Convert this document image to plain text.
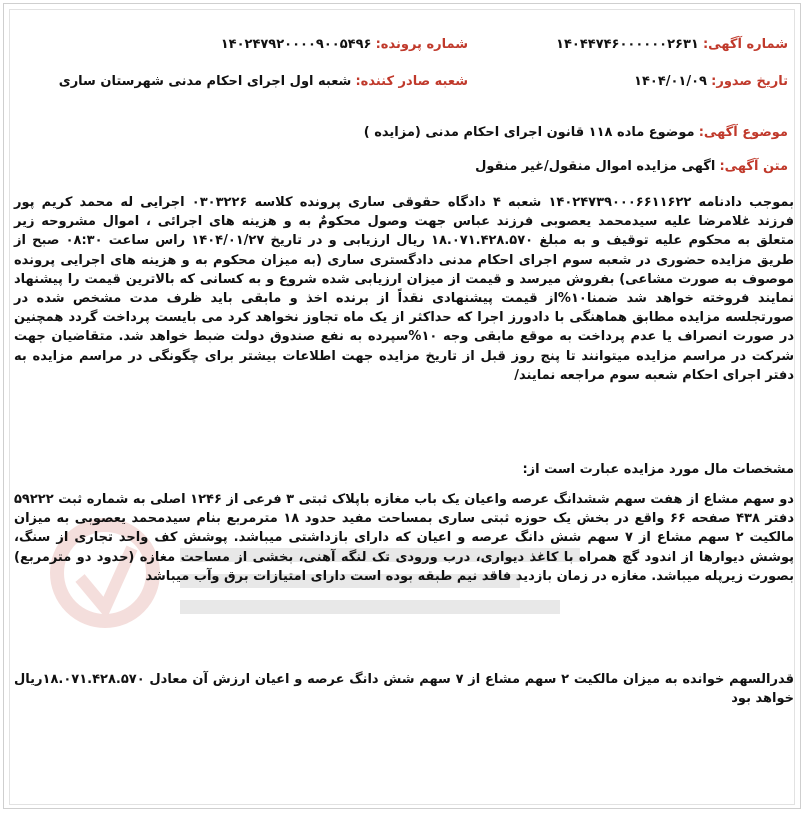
شماره آگهی: ۱۴۰۴۴۷۴۶۰۰۰۰۰۰۲۶۳۱
شماره پرونده: ۱۴۰۲۴۷۹۲۰۰۰۰۹۰۰۵۴۹۶
تاریخ صدور: ۱۴۰۴/۰۱/۰۹
شعبه صادر کننده: شعبه اول اجرای احکام مدنی شهرستان ساری
موضوع آگهی: موضوع ماده ۱۱۸ قانون اجرای احکام مدنی (مزایده )
متن آگهی: اگهی مزایده اموال منقول/غیر منقول

بموجب دادنامه ۱۴۰۲۴۷۳۹۰۰۰۶۶۱۱۶۲۲ شعبه ۴ دادگاه حقوقی ساری پرونده کلاسه ۰۳۰۳۲۲۶ اجرایی له محمد کریم پور فرزند غلامرضا علیه سیدمحمد یعصوبی فرزند عباس جهت وصول محکومٌ به و هزینه های اجرائی ، اموال مشروحه زیر متعلق به محکوم علیه توقیف و به مبلغ ۱۸.۰۷۱.۴۲۸.۵۷۰ ریال ارزیابی و در تاریخ ۱۴۰۴/۰۱/۲۷ راس ساعت ۰۸:۳۰ صبح از طریق مزایده حضوری در شعبه سوم اجرای احکام مدنی دادگستری ساری (به میزان محکوم به و هزینه های اجرایی پرونده موصوف به صورت مشاعی) بفروش میرسد و قیمت از میزان ارزیابی شده شروع و به کسانی که بالاترین قیمت را پیشنهاد نمایند فروخته خواهد شد ضمنا۱۰%از قیمت پیشنهادی نقداً از برنده اخذ و مابقی باید ظرف مدت مشخص شده در صورتجلسه مزایده مطابق هماهنگی با دادورز اجرا که حداکثر از یک ماه تجاوز نخواهد کرد می بایست پرداخت گردد همچنین در صورت انصراف یا عدم پرداخت به موقع مابقی وجه ۱۰%سپرده به نفع صندوق دولت ضبط خواهد شد. متقاضیان جهت شرکت در مراسم مزایده میتوانند تا پنج روز قبل از تاریخ مزایده جهت اطلاعات بیشتر برای چگونگی در مراسم مزایده به دفتر اجرای احکام شعبه سوم مراجعه نمایند/

مشخصات مال مورد مزایده عبارت است از:

دو سهم مشاع از هفت سهم ششدانگ عرصه واعیان یک باب مغازه باپلاک ثبتی ۳ فرعی از ۱۲۴۶ اصلی به شماره ثبت ۵۹۲۲۲ دفتر ۴۳۸ صفحه ۶۶ واقع در بخش یک حوزه ثبتی ساری بمساحت مفید حدود ۱۸ مترمربع بنام سیدمحمد یعصوبی به میزان مالکیت ۲ سهم مشاع از ۷ سهم شش دانگ عرصه و اعیان که دارای بازداشتی میباشد. پوشش کف واحد تجاری از سنگ، پوشش دیوارها از اندود گچ همراه با کاغذ دیواری، درب ورودی تک لنگه آهنی، بخشی از مساحت مغازه (حدود دو مترمربع) بصورت زیرپله میباشد. مغازه در زمان بازدید فاقد نیم طبقه بوده است دارای امتیازات برق وآب میباشد

قدرالسهم خوانده به میزان مالکیت ۲ سهم مشاع از ۷ سهم شش دانگ عرصه و اعیان ارزش آن معادل ۱۸.۰۷۱.۴۲۸.۵۷۰ریال خواهد بود
